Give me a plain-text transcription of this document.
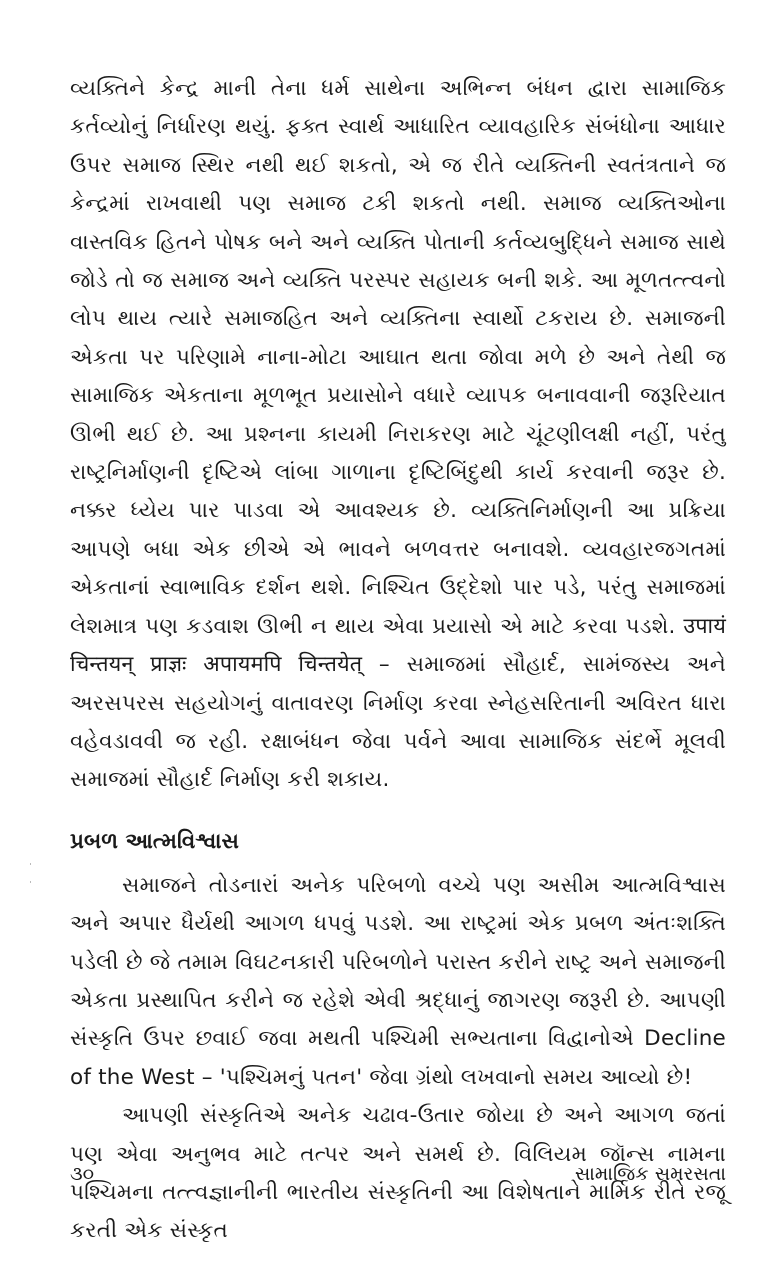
વ્યક્તિને કેન્દ્ર માની તેના ધર્મ સાથેના અભિન્ન બંધન દ્વારા સામાજિક કર્તવ્યોનું નિર્ધારણ થયું. ફક્ત સ્વાર્થ આધારિત વ્યાવહારિક સંબંધોના આધાર ઉપર સમાજ સ્થિર નથી થઈ શકતો, એ જ રીતે વ્યક્તિની સ્વતંત્રતાને જ કેન્દ્રમાં રાખવાથી પણ સમાજ ટકી શકતો નથી. સમાજ વ્યક્તિઓના વાસ્તવિક હિતને પોષક બને અને વ્યક્તિ પોતાની કર્તવ્યબુદ્ધિને સમાજ સાથે જોડે તો જ સમાજ અને વ્યક્તિ પરસ્પર સહાયક બની શકે. આ મૂળતત્ત્વનો લોપ થાય ત્યારે સમાજહિત અને વ્યક્તિના સ્વાર્થો ટકરાય છે. સમાજની એકતા પર પરિણામે નાના-મોટા આઘાત થતા જોવા મળે છે અને તેથી જ સામાજિક એકતાના મૂળભૂત પ્રયાસોને વધારે વ્યાપક બનાવવાની જરૂરિયાત ઊભી થઈ છે. આ પ્રશ્નના કાયમી નિરાકરણ માટે ચૂંટણીલક્ષી નહીં, પરંતુ રાષ્ટ્રનિર્માણની દૃષ્ટિએ લાંબા ગાળાના દૃષ્ટિબિંદુથી કાર્ય કરવાની જરૂર છે. નક્કર ધ્યેય પાર પાડવા એ આવશ્યક છે. વ્યક્તિનિર્માણની આ પ્રક્રિયા આપણે બધા એક છીએ એ ભાવને બળવત્તર બનાવશે. વ્યવહારજગતમાં એકતાનાં સ્વાભાવિક દર્શન થશે. નિશ્ચિત ઉદ્દેશો પાર પડે, પરંતુ સમાજમાં લેશમાત્ર પણ કડવાશ ઊભી ન થાય એવા પ્રયાસો એ માટે કરવા પડશે. उपायं चिन्तयन् प्राज्ञः अपायमपि चिन्तयेत् – સમાજમાં સૌહાર્દ, સામંજસ્ય અને અરસપરસ સહયોગનું વાતાવરણ નિર્માણ કરવા સ્નેહસરિતાની અવિરત ધારા વહેવડાવવી જ રહી. રક્ષાબંધન જેવા પર્વને આવા સામાજિક સંદર્ભે મૂલવી સમાજમાં સૌહાર્દ નિર્માણ કરી શકાય.

પ્રબળ આત્મવિશ્વાસ

સમાજને તોડનારાં અનેક પરિબળો વચ્ચે પણ અસીમ આત્મવિશ્વાસ અને અપાર ધૈર્યથી આગળ ધપવું પડશે. આ રાષ્ટ્રમાં એક પ્રબળ અંતઃશક્તિ પડેલી છે જે તમામ વિઘટનકારી પરિબળોને પરાસ્ત કરીને રાષ્ટ્ર અને સમાજની એકતા પ્રસ્થાપિત કરીને જ રહેશે એવી શ્રદ્ધાનું જાગરણ જરૂરી છે. આપણી સંસ્કૃતિ ઉપર છવાઈ જવા મથતી પશ્ચિમી સભ્યતાના વિદ્વાનોએ Decline of the West – 'પશ્ચિમનું પતન' જેવા ગ્રંથો લખવાનો સમય આવ્યો છે!

આપણી સંસ્કૃતિએ અનેક ચઢાવ-ઉતાર જોયા છે અને આગળ જતાં પણ એવા અનુભવ માટે તત્પર અને સમર્થ છે. વિલિયમ જૉન્સ નામના પશ્ચિમના તત્ત્વજ્ઞાનીની ભારતીય સંસ્કૃતિની આ વિશેષતાને માર્મિક રીતે રજૂ કરતી એક સંસ્કૃત

˙
˙
૩૦	સામાજિક સમરસતા
